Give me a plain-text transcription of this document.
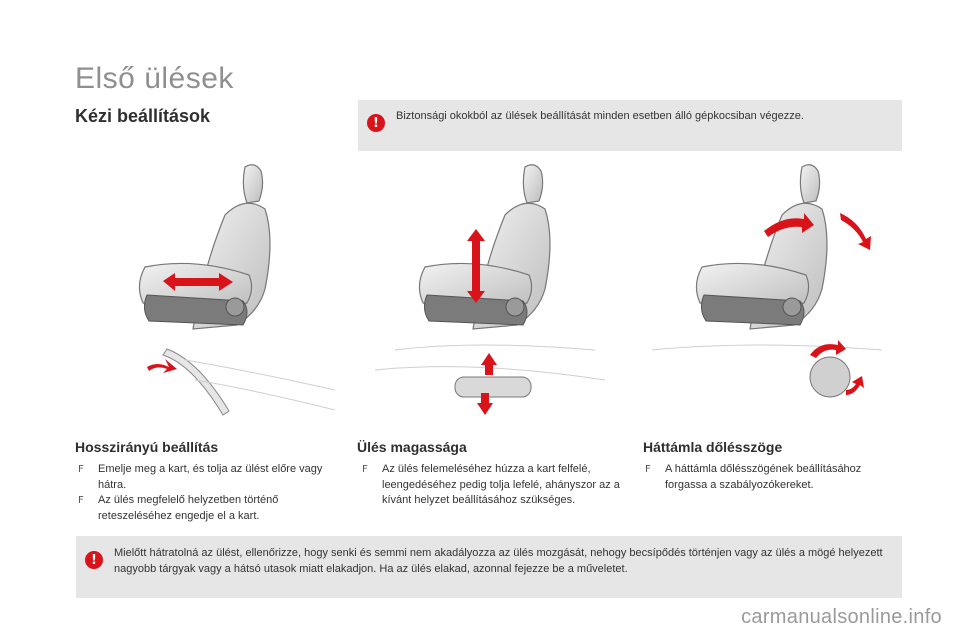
Első ülések
Kézi beállítások	! Biztonsági okokból az ülések beállítását minden esetben álló gépkocsiban végezze.
Hosszirányú beállítás
F Emelje meg a kart, és tolja az ülést előre vagy hátra.
F Az ülés megfelelő helyzetben történő reteszeléséhez engedje el a kart.
Ülés magassága
F Az ülés felemeléséhez húzza a kart felfelé, leengedéséhez pedig tolja lefelé, ahányszor az a kívánt helyzet beállításához szükséges.
Háttámla dőlésszöge
F A háttámla dőlésszögének beállításához forgassa a szabályozókereket.
! Mielőtt hátratolná az ülést, ellenőrizze, hogy senki és semmi nem akadályozza az ülés mozgását, nehogy becsípődés történjen vagy az ülés a mögé helyezett nagyobb tárgyak vagy a hátsó utasok miatt elakadjon. Ha az ülés elakad, azonnal fejezze be a műveletet.
carmanualsonline.info
